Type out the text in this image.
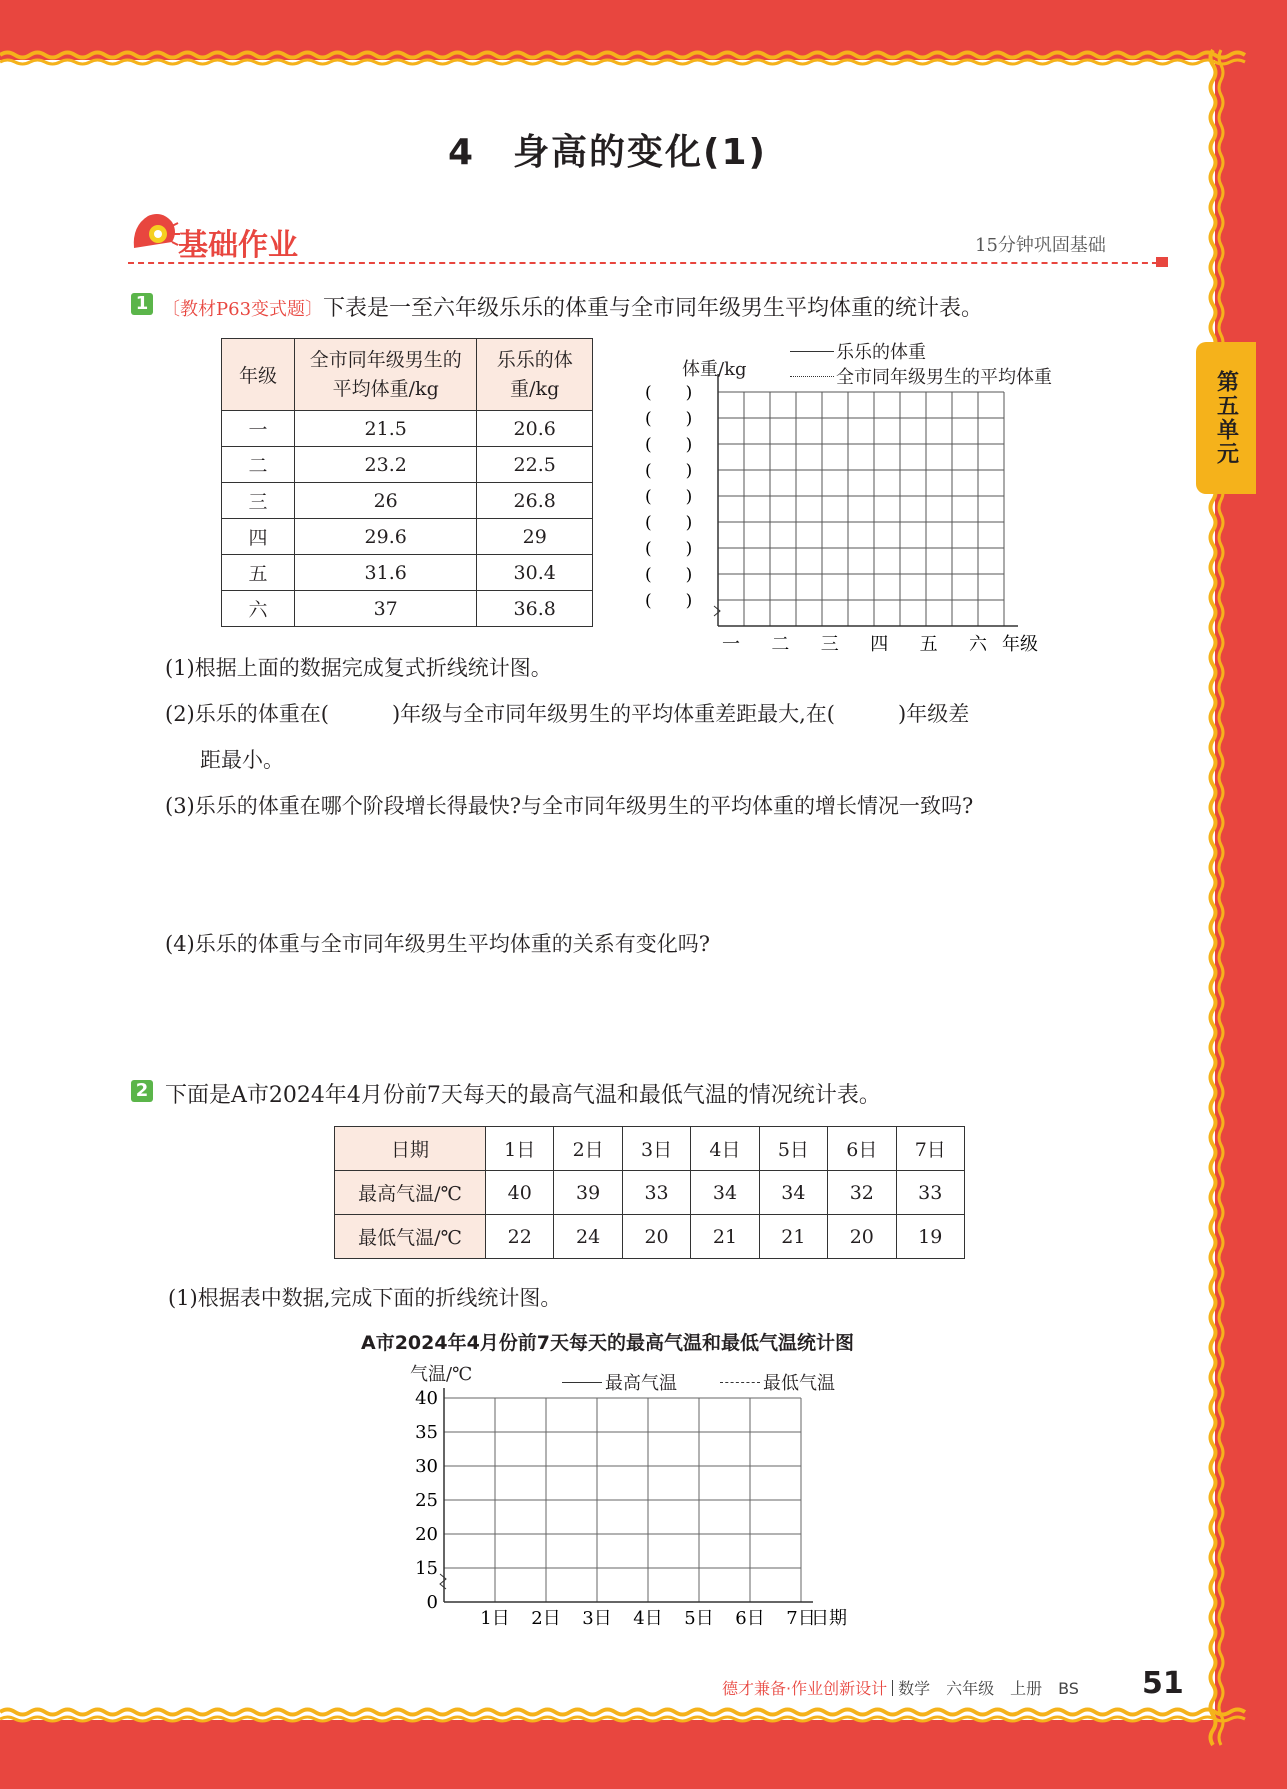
第五单元
4　身高的变化(1)
基础作业	15分钟巩固基础
1 〔教材P63变式题〕下表是一至六年级乐乐的体重与全市同年级男生平均体重的统计表。
年级	全市同年级男生的平均体重/kg	乐乐的体重/kg
一	21.5	20.6
二	23.2	22.5
三	26	26.8
四	29.6	29
五	31.6	30.4
六	37	36.8
(　　)
(　　)
(　　)
(　　)
(　　)
(　　)
(　　)
(　　)
(　　)
一 二 三 四 五 六 年级
体重/kg
乐乐的体重
全市同年级男生的平均体重
(1)根据上面的数据完成复式折线统计图。
(2)乐乐的体重在(　　　)年级与全市同年级男生的平均体重差距最大,在(　　　)年级差
距最小。
(3)乐乐的体重在哪个阶段增长得最快?与全市同年级男生的平均体重的增长情况一致吗?
(4)乐乐的体重与全市同年级男生平均体重的关系有变化吗?
2 下面是A市2024年4月份前7天每天的最高气温和最低气温的情况统计表。
日期	1日	2日	3日	4日	5日	6日	7日
最高气温/℃	40	39	33	34	34	32	33
最低气温/℃	22	24	20	21	21	20	19
(1)根据表中数据,完成下面的折线统计图。
A市2024年4月份前7天每天的最高气温和最低气温统计图
气温/℃	最高气温	最低气温
40
35
30
25
20
15
0
1日 2日 3日 4日 5日 6日 7日
日期
德才兼备·作业创新设计 数学　六年级　上册　BS 51
